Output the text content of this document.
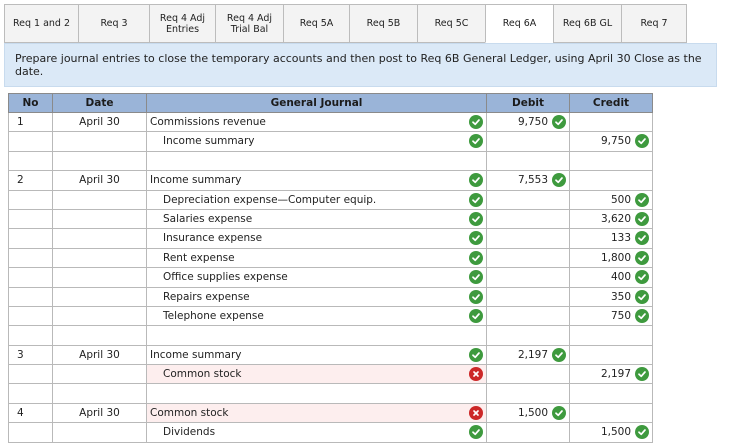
Req 1 and 2	Req 3	Req 4 Adj
Entries
Req 4 Adj
Trial Bal	Req 5A	Req 5B	Req 5C	Req 6A	Req 6B GL	Req 7
Prepare journal entries to close the temporary accounts and then post to Req 6B General Ledger, using April 30 Close as the date.
No	Date	General Journal	Debit	Credit
1	April 30	Commissions revenue	9,750	

		Income summary		9,750

2	April 30	Income summary	7,553	

		Depreciation expense—Computer equip.		500

		Salaries expense		3,620

		Insurance expense		133

		Rent expense		1,800

		Office supplies expense		400

		Repairs expense		350

		Telephone expense		750

3	April 30	Income summary	2,197	

		Common stock		2,197

4	April 30	Common stock	1,500	

		Dividends		1,500
